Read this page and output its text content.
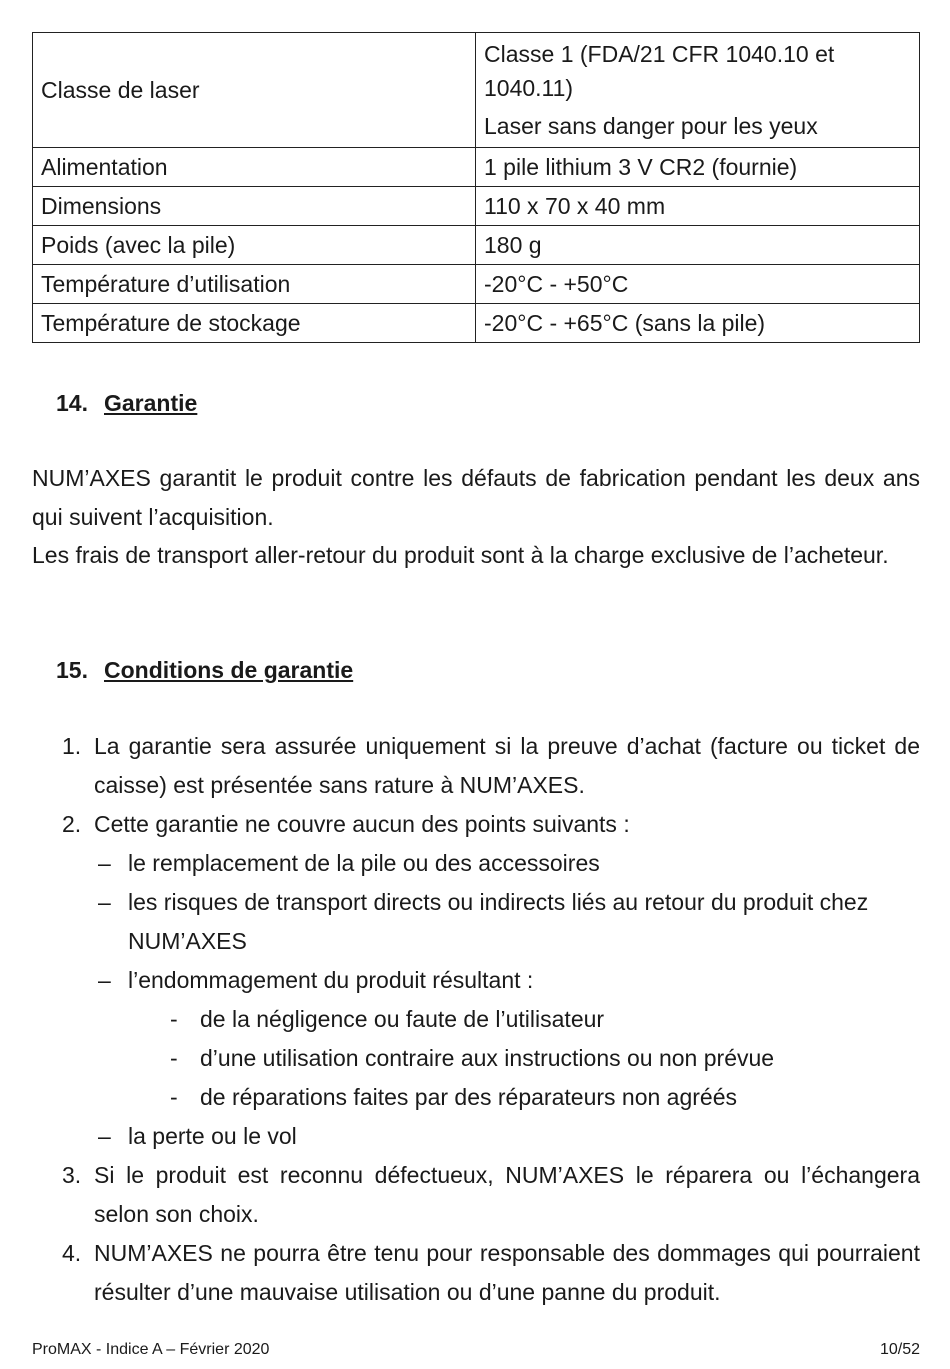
Classe de laser	Classe 1 (FDA/21 CFR 1040.10 et 1040.11)
Laser sans danger pour les yeux

Alimentation	1 pile lithium 3 V CR2 (fournie)
Dimensions	110 x 70 x 40 mm
Poids (avec la pile)	180 g
Température d’utilisation	-20°C - +50°C
Température de stockage	-20°C - +65°C (sans la pile)
14. Garantie
NUM’AXES garantit le produit contre les défauts de fabrication pendant les deux ans qui suivent l’acquisition.
Les frais de transport aller-retour du produit sont à la charge exclusive de l’acheteur.
15. Conditions de garantie
1. La garantie sera assurée uniquement si la preuve d’achat (facture ou ticket de caisse) est présentée sans rature à NUM’AXES.
2. Cette garantie ne couvre aucun des points suivants :
– le remplacement de la pile ou des accessoires
– les risques de transport directs ou indirects liés au retour du produit chez NUM’AXES
– l’endommagement du produit résultant :
- de la négligence ou faute de l’utilisateur
- d’une utilisation contraire aux instructions ou non prévue
- de réparations faites par des réparateurs non agréés
– la perte ou le vol
3. Si le produit est reconnu défectueux, NUM’AXES le réparera ou l’échangera selon son choix.
4. NUM’AXES ne pourra être tenu pour responsable des dommages qui pourraient résulter d’une mauvaise utilisation ou d’une panne du produit.
ProMAX - Indice A – Février 2020	10/52
